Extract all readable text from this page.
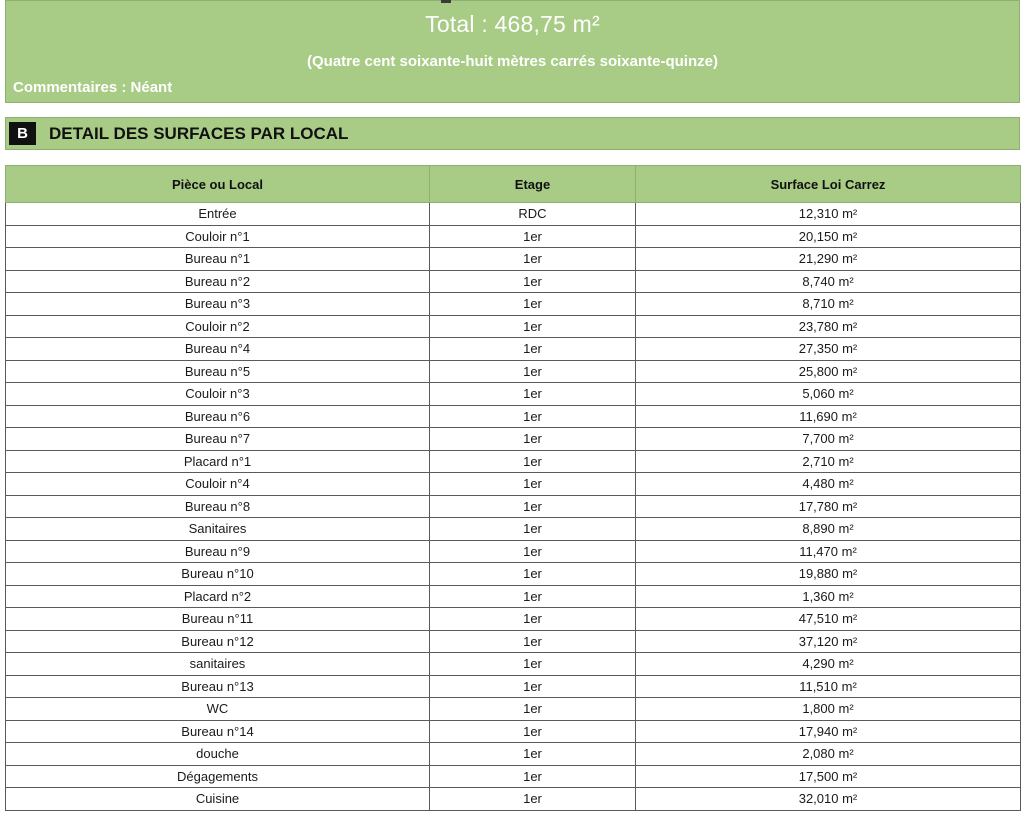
Total : 468,75 m²
(Quatre cent soixante-huit mètres carrés soixante-quinze)
Commentaires : Néant
B	DETAIL DES SURFACES PAR LOCAL
Pièce ou Local	Etage	Surface Loi Carrez
Entrée	RDC	12,310 m²
Couloir n°1	1er	20,150 m²
Bureau n°1	1er	21,290 m²
Bureau n°2	1er	8,740 m²
Bureau n°3	1er	8,710 m²
Couloir n°2	1er	23,780 m²
Bureau n°4	1er	27,350 m²
Bureau n°5	1er	25,800 m²
Couloir n°3	1er	5,060 m²
Bureau n°6	1er	11,690 m²
Bureau n°7	1er	7,700 m²
Placard n°1	1er	2,710 m²
Couloir n°4	1er	4,480 m²
Bureau n°8	1er	17,780 m²
Sanitaires	1er	8,890 m²
Bureau n°9	1er	11,470 m²
Bureau n°10	1er	19,880 m²
Placard n°2	1er	1,360 m²
Bureau n°11	1er	47,510 m²
Bureau n°12	1er	37,120 m²
sanitaires	1er	4,290 m²
Bureau n°13	1er	11,510 m²
WC	1er	1,800 m²
Bureau n°14	1er	17,940 m²
douche	1er	2,080 m²
Dégagements	1er	17,500 m²
Cuisine	1er	32,010 m²
